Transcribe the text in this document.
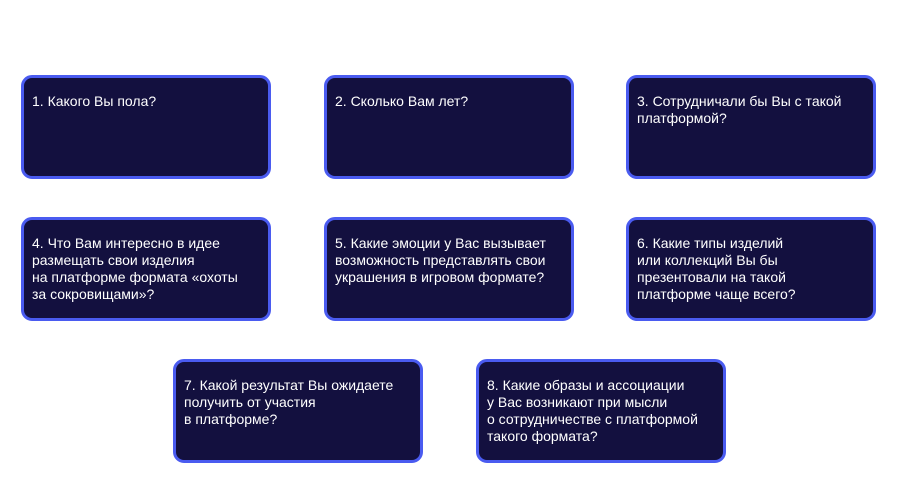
1. Какого Вы пола?	2. Сколько Вам лет?	3. Сотрудничали бы Вы с такой
платформой?
4. Что Вам интересно в идее
размещать свои изделия
на платформе формата «охоты
за сокровищами»?
5. Какие эмоции у Вас вызывает
возможность представлять свои
украшения в игровом формате?
6. Какие типы изделий
или коллекций Вы бы
презентовали на такой
платформе чаще всего?
7. Какой результат Вы ожидаете
получить от участия
в платформе?
8. Какие образы и ассоциации
у Вас возникают при мысли
о сотрудничестве с платформой
такого формата?
